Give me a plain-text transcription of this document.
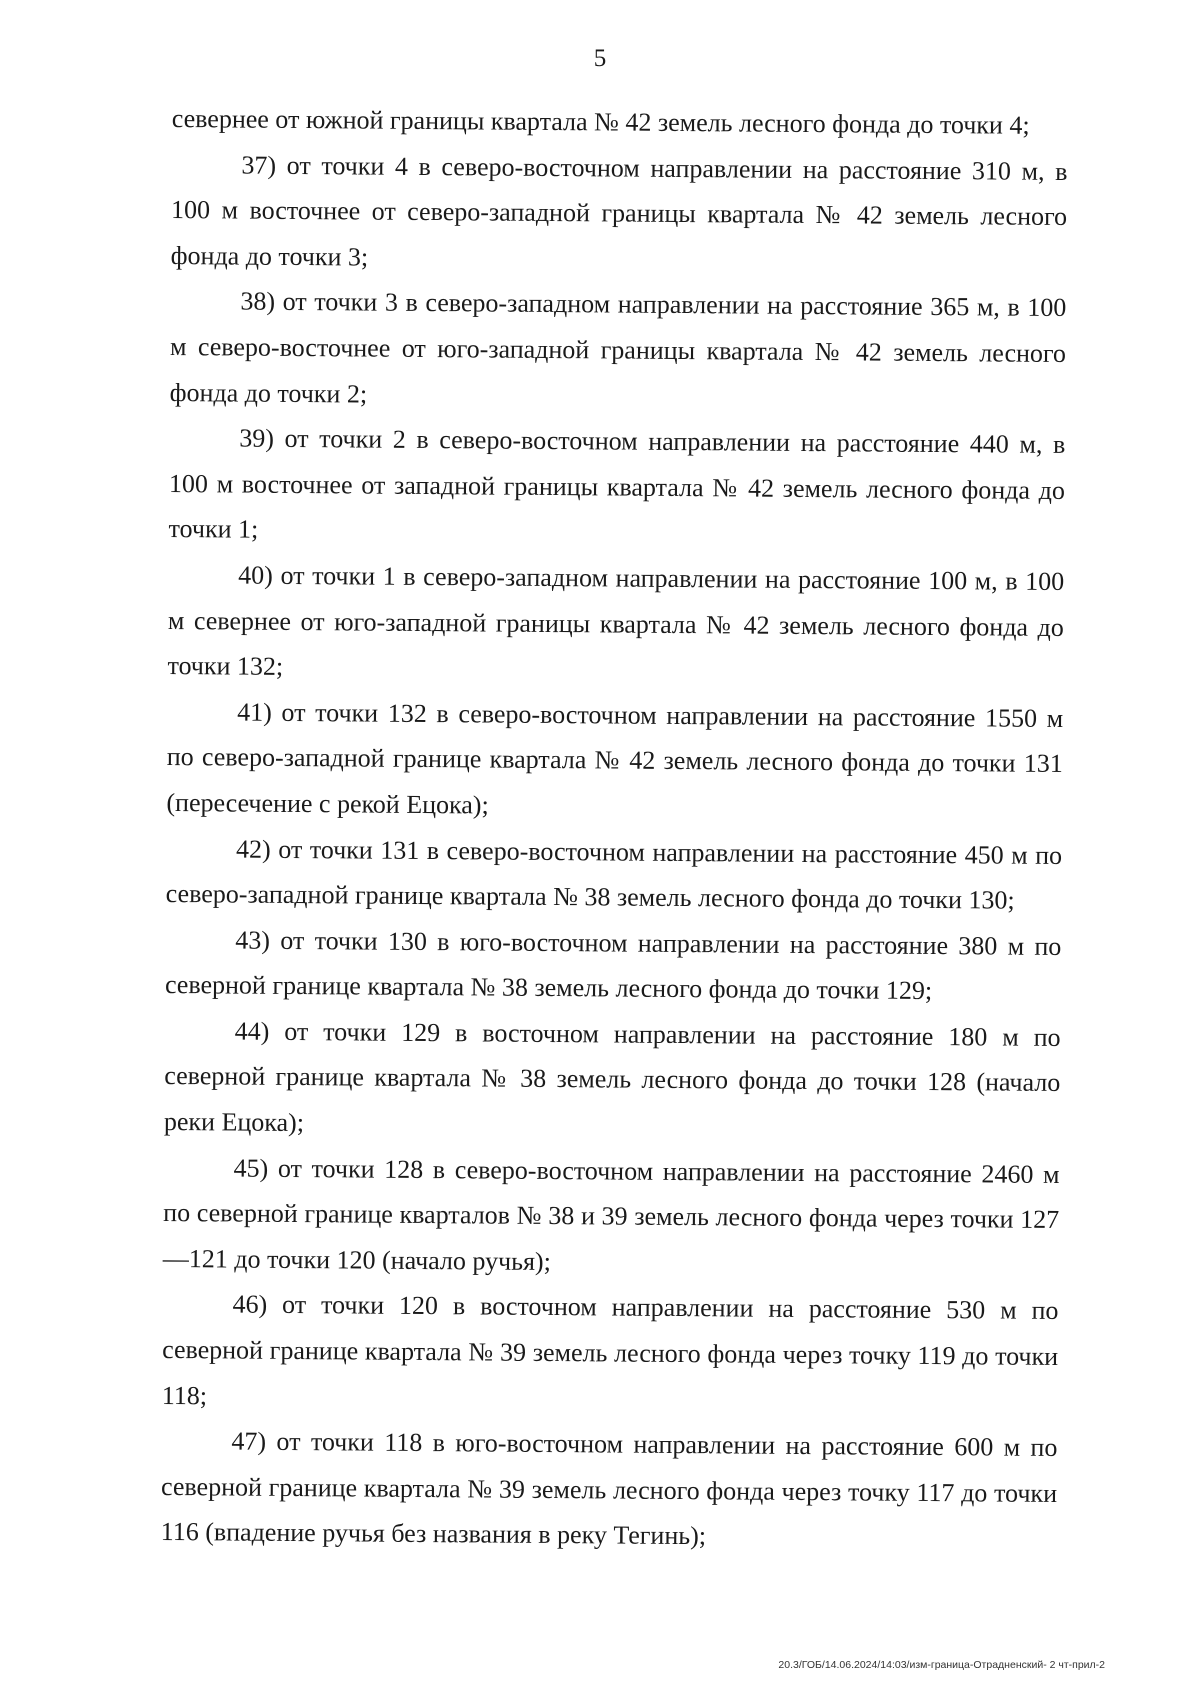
5

севернее от южной границы квартала № 42 земель лесного фонда до точки 4;

37) от точки 4 в северо-восточном направлении на расстояние 310 м, в 100 м восточнее от северо-западной границы квартала № 42 земель лесного фонда до точки 3;

38) от точки 3 в северо-западном направлении на расстояние 365 м, в 100 м северо-восточнее от юго-западной границы квартала № 42 земель лесного фонда до точки 2;

39) от точки 2 в северо-восточном направлении на расстояние 440 м, в 100 м восточнее от западной границы квартала № 42 земель лесного фонда до точки 1;

40) от точки 1 в северо-западном направлении на расстояние 100 м, в 100 м севернее от юго-западной границы квартала № 42 земель лесного фонда до точки 132;

41) от точки 132 в северо-восточном направлении на расстояние 1550 м по северо-западной границе квартала № 42 земель лесного фонда до точки 131 (пересечение с рекой Ецока);

42) от точки 131 в северо-восточном направлении на расстояние 450 м по северо-западной границе квартала № 38 земель лесного фонда до точки 130;

43) от точки 130 в юго-восточном направлении на расстояние 380 м по северной границе квартала № 38 земель лесного фонда до точки 129;

44) от точки 129 в восточном направлении на расстояние 180 м по северной границе квартала № 38 земель лесного фонда до точки 128 (начало реки Ецока);

45) от точки 128 в северо-восточном направлении на расстояние 2460 м по северной границе кварталов № 38 и 39 земель лесного фонда через точки 127—121 до точки 120 (начало ручья);

46) от точки 120 в восточном направлении на расстояние 530 м по северной границе квартала № 39 земель лесного фонда через точку 119 до точки 118;

47) от точки 118 в юго-восточном направлении на расстояние 600 м по северной границе квартала № 39 земель лесного фонда через точку 117 до точки 116 (впадение ручья без названия в реку Тегинь);

20.3/ГОБ/14.06.2024/14:03/изм-граница-Отрадненский- 2 чт-прил-2
